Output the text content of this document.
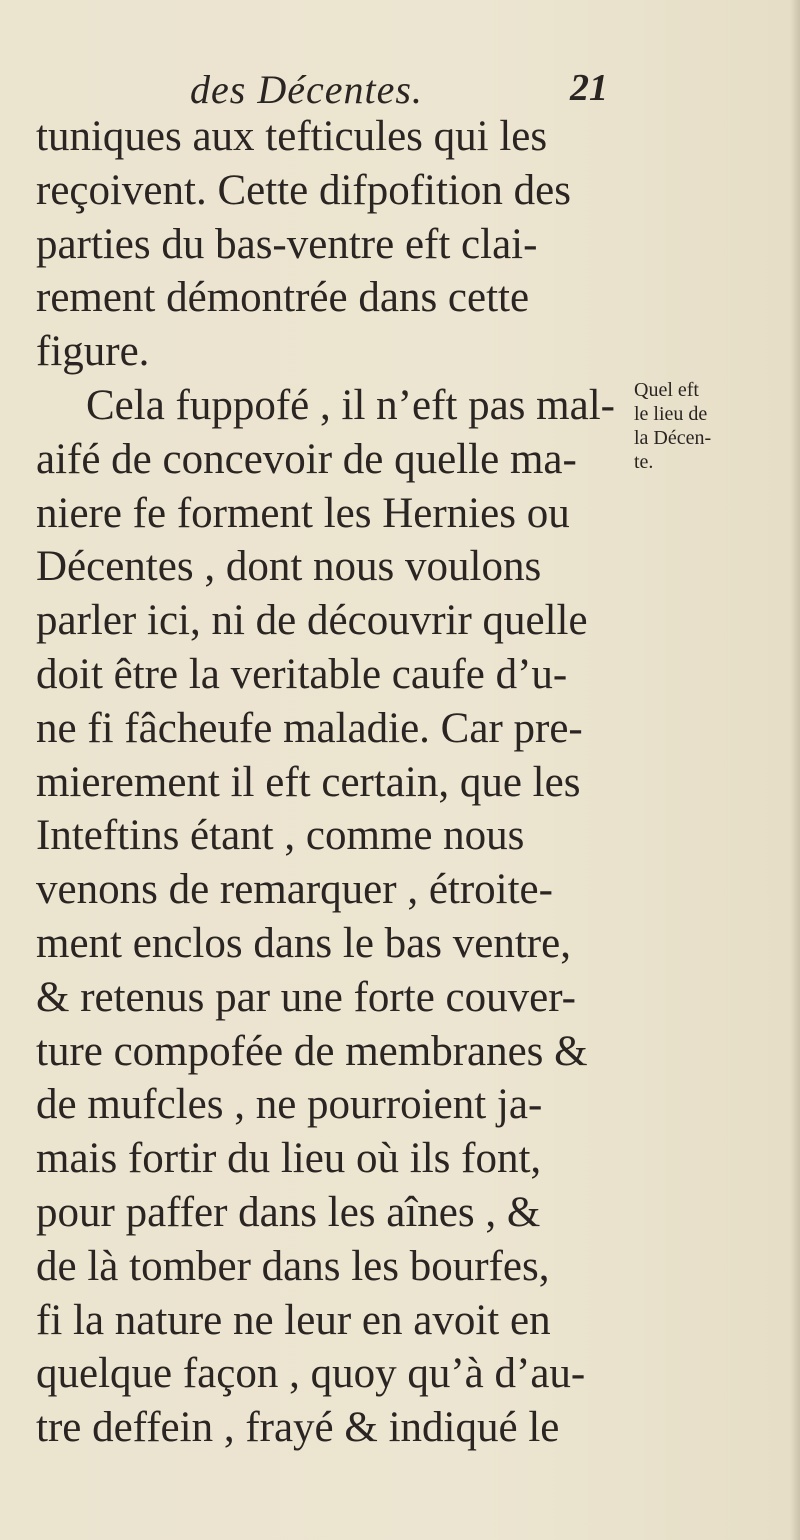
des Décentes.	21
tuniques aux tefticules qui les
reçoivent. Cette difpofition des
parties du bas-ventre eft clai-
rement démontrée dans cette
figure.
Cela fuppofé , il n’eft pas mal-
aifé de concevoir de quelle ma-
niere fe forment les Hernies ou
Décentes , dont nous voulons
parler ici, ni de découvrir quelle
doit être la veritable caufe d’u-
ne fi fâcheufe maladie. Car pre-
mierement il eft certain, que les
Inteftins étant , comme nous
venons de remarquer , étroite-
ment enclos dans le bas ventre,
& retenus par une forte couver-
ture compofée de membranes &
de mufcles , ne pourroient ja-
mais fortir du lieu où ils font,
pour paffer dans les aînes , &
de là tomber dans les bourfes,
fi la nature ne leur en avoit en
quelque façon , quoy qu’à d’au-
tre deffein , frayé & indiqué le
Quel eft
le lieu de
la Décen-
te.
